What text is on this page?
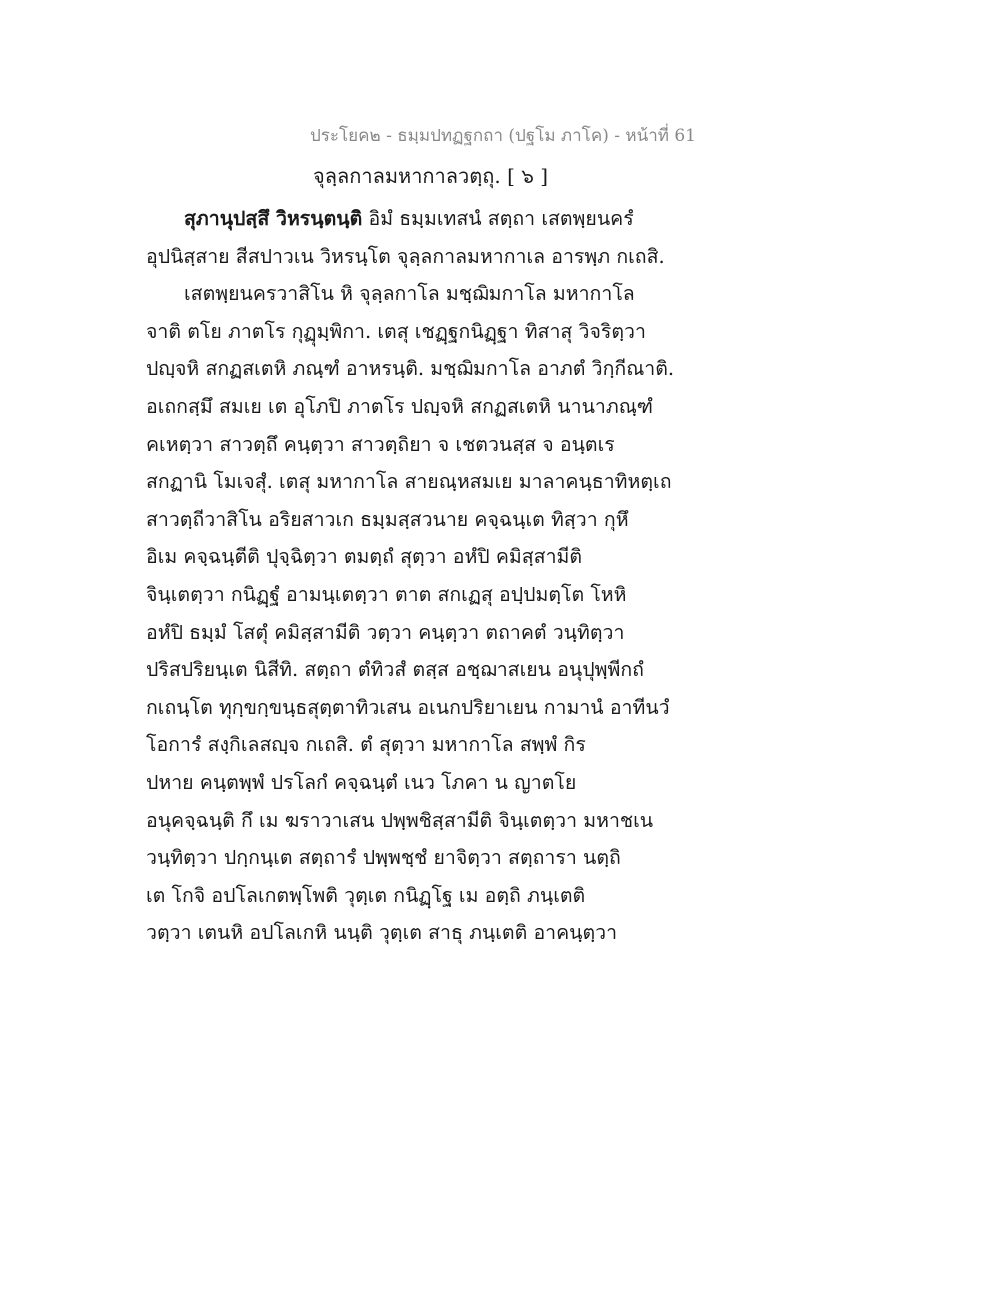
ประโยค๒ - ธมฺมปทฏฐกถา (ปฐโม ภาโค) - หน้าที่ 61
จุลฺลกาลมหากาลวตฺถุ. [ ๖ ]
สุภานุปสฺสึ วิหรนฺตนฺติ อิมํ ธมฺมเทสนํ สตฺถา เสตพฺยนครํ
อุปนิสฺสาย สีสปาวเน วิหรนฺโต จุลฺลกาลมหากาเล อารพฺภ กเถสิ.
เสตพฺยนครวาสิโน หิ จุลฺลกาโล มชฺฌิมกาโล มหากาโล
จาติ ตโย ภาตโร กุฏุมฺพิกา. เตสุ เชฏฺฐกนิฏฺฐา ทิสาสุ วิจริตฺวา
ปญฺจหิ สกฏสเตหิ ภณฺฑํ อาหรนฺติ. มชฺฌิมกาโล อาภตํ วิกฺกีณาติ.
อเถกสฺมึ สมเย เต อุโภปิ ภาตโร ปญฺจหิ สกฏสเตหิ นานาภณฺฑํ
คเหตฺวา สาวตฺถึ คนฺตฺวา สาวตฺถิยา จ เชตวนสฺส จ อนฺตเร
สกฏานิ โมเจสุํ. เตสุ มหากาโล สายณฺหสมเย มาลาคนฺธาทิหตฺเถ
สาวตฺถีวาสิโน อริยสาวเก ธมฺมสฺสวนาย คจฺฉนฺเต ทิสฺวา กุหึ
อิเม คจฺฉนฺตีติ ปุจฺฉิตฺวา ตมตฺถํ สุตฺวา อหํปิ คมิสฺสามีติ
จินฺเตตฺวา กนิฏฺฐํ อามนฺเตตฺวา ตาต สกเฏสุ อปฺปมตฺโต โหหิ
อหํปิ ธมฺมํ โสตุํ คมิสฺสามีติ วตฺวา คนฺตฺวา ตถาคตํ วนฺทิตฺวา
ปริสปริยนฺเต นิสีทิ. สตฺถา ตํทิวสํ ตสฺส อชฺฌาสเยน อนุปุพฺพีกถํ
กเถนฺโต ทุกฺขกฺขนฺธสุตฺตาทิวเสน อเนกปริยาเยน กามานํ อาทีนวํ
โอการํ สงฺกิเลสญฺจ กเถสิ. ตํ สุตฺวา มหากาโล สพฺพํ กิร
ปหาย คนฺตพฺพํ ปรโลกํ คจฺฉนฺตํ เนว โภคา น ญาตโย
อนุคจฺฉนฺติ กึ เม ฆราวาเสน ปพฺพชิสฺสามีติ จินฺเตตฺวา มหาชเน
วนฺทิตฺวา ปกฺกนฺเต สตฺถารํ ปพฺพชฺชํ ยาจิตฺวา สตฺถารา นตฺถิ
เต โกจิ อปโลเกตพฺโพติ วุตฺเต กนิฏฺโฐ เม อตฺถิ ภนฺเตติ
วตฺวา เตนหิ อปโลเกหิ นนฺติ วุตฺเต สาธุ ภนฺเตติ อาคนฺตฺวา
